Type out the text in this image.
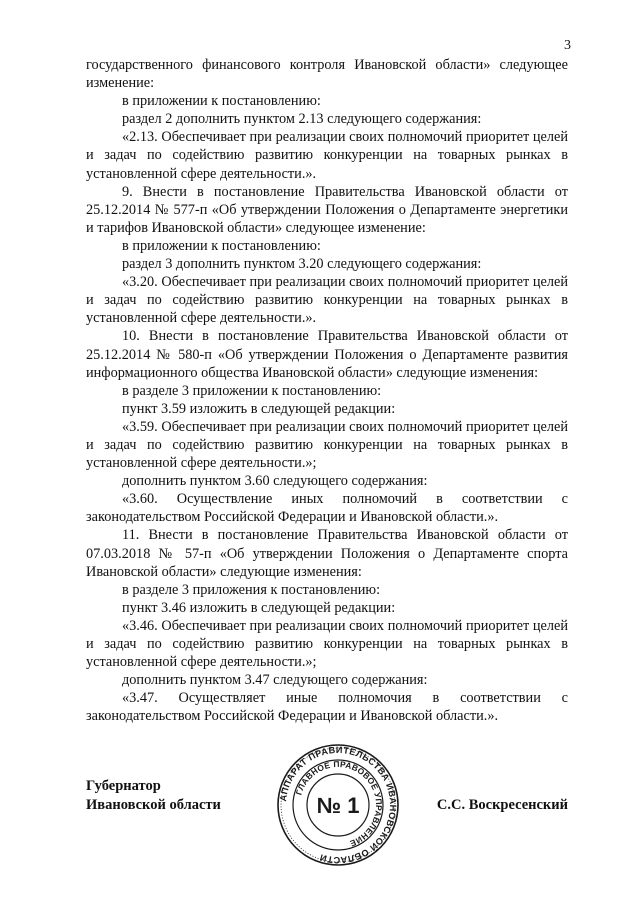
3

государственного финансового контроля Ивановской области» следующее изменение:

в приложении к постановлению:

раздел 2 дополнить пунктом 2.13 следующего содержания:

«2.13. Обеспечивает при реализации своих полномочий приоритет целей и задач по содействию развитию конкуренции на товарных рынках в установленной сфере деятельности.».

9. Внести в постановление Правительства Ивановской области от 25.12.2014 № 577-п «Об утверждении Положения о Департаменте энергетики и тарифов Ивановской области» следующее изменение:

в приложении к постановлению:

раздел 3 дополнить пунктом 3.20 следующего содержания:

«3.20. Обеспечивает при реализации своих полномочий приоритет целей и задач по содействию развитию конкуренции на товарных рынках в установленной сфере деятельности.».

10. Внести в постановление Правительства Ивановской области от 25.12.2014 № 580-п «Об утверждении Положения о Департаменте развития информационного общества Ивановской области» следующие изменения:

в разделе 3 приложении к постановлению:

пункт 3.59 изложить в следующей редакции:

«3.59. Обеспечивает при реализации своих полномочий приоритет целей и задач по содействию развитию конкуренции на товарных рынках в установленной сфере деятельности.»;

дополнить пунктом 3.60 следующего содержания:

«3.60. Осуществление иных полномочий в соответствии с законодательством Российской Федерации и Ивановской области.».

11. Внести в постановление Правительства Ивановской области от 07.03.2018 № 57-п «Об утверждении Положения о Департаменте спорта Ивановской области» следующие изменения:

в разделе 3 приложения к постановлению:

пункт 3.46 изложить в следующей редакции:

«3.46. Обеспечивает при реализации своих полномочий приоритет целей и задач по содействию развитию конкуренции на товарных рынках в установленной сфере деятельности.»;

дополнить пунктом 3.47 следующего содержания:

«3.47. Осуществляет иные полномочия в соответствии с законодательством Российской Федерации и Ивановской области.».

Губернатор
Ивановской области	АППАРАТ ПРАВИТЕЛЬСТВА ИВАНОВСКОЙ ОБЛАСТИ
ГЛАВНОЕ ПРАВОВОЕ УПРАВЛЕНИЕ
№ 1	С.С. Воскресенский
